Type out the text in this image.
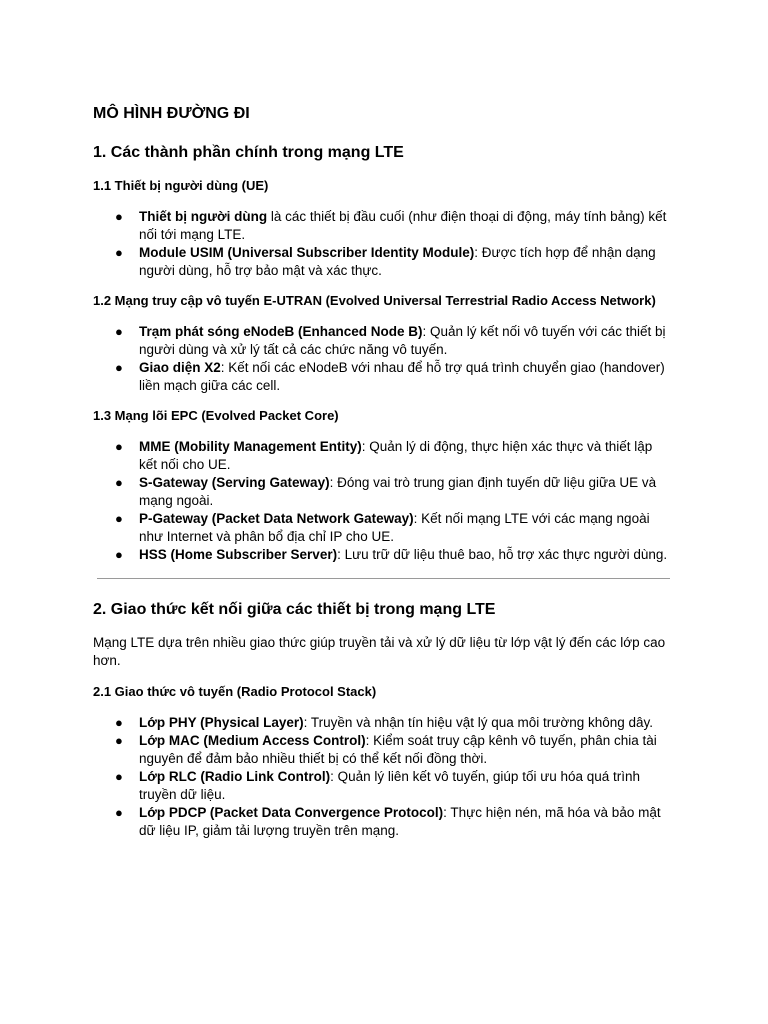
MÔ HÌNH ĐƯỜNG ĐI
1. Các thành phần chính trong mạng LTE
1.1 Thiết bị người dùng (UE)
● Thiết bị người dùng là các thiết bị đầu cuối (như điện thoại di động, máy tính bảng) kết nối tới mạng LTE.
● Module USIM (Universal Subscriber Identity Module): Được tích hợp để nhận dạng người dùng, hỗ trợ bảo mật và xác thực.
1.2 Mạng truy cập vô tuyến E-UTRAN (Evolved Universal Terrestrial Radio Access Network)
● Trạm phát sóng eNodeB (Enhanced Node B): Quản lý kết nối vô tuyến với các thiết bị người dùng và xử lý tất cả các chức năng vô tuyến.
● Giao diện X2: Kết nối các eNodeB với nhau để hỗ trợ quá trình chuyển giao (handover) liền mạch giữa các cell.
1.3 Mạng lõi EPC (Evolved Packet Core)
● MME (Mobility Management Entity): Quản lý di động, thực hiện xác thực và thiết lập kết nối cho UE.
● S-Gateway (Serving Gateway): Đóng vai trò trung gian định tuyến dữ liệu giữa UE và mạng ngoài.
● P-Gateway (Packet Data Network Gateway): Kết nối mạng LTE với các mạng ngoài như Internet và phân bổ địa chỉ IP cho UE.
● HSS (Home Subscriber Server): Lưu trữ dữ liệu thuê bao, hỗ trợ xác thực người dùng.
2. Giao thức kết nối giữa các thiết bị trong mạng LTE
Mạng LTE dựa trên nhiều giao thức giúp truyền tải và xử lý dữ liệu từ lớp vật lý đến các lớp cao hơn.
2.1 Giao thức vô tuyến (Radio Protocol Stack)
● Lớp PHY (Physical Layer): Truyền và nhận tín hiệu vật lý qua môi trường không dây.
● Lớp MAC (Medium Access Control): Kiểm soát truy cập kênh vô tuyến, phân chia tài nguyên để đảm bảo nhiều thiết bị có thể kết nối đồng thời.
● Lớp RLC (Radio Link Control): Quản lý liên kết vô tuyến, giúp tối ưu hóa quá trình truyền dữ liệu.
● Lớp PDCP (Packet Data Convergence Protocol): Thực hiện nén, mã hóa và bảo mật dữ liệu IP, giảm tải lượng truyền trên mạng.
